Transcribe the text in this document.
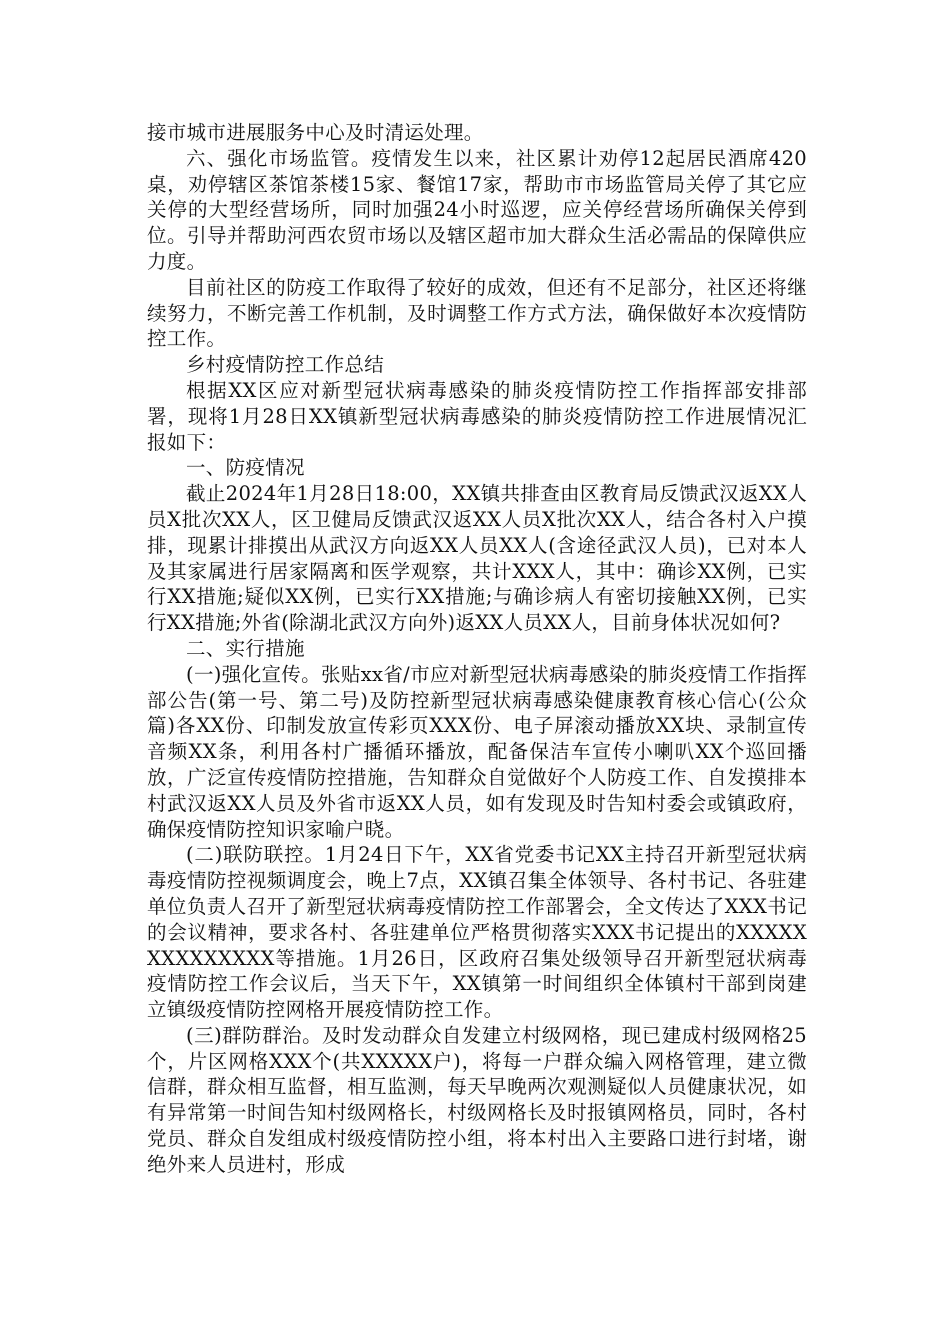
接市城市进展服务中心及时清运处理。

六、强化市场监管。疫情发生以来，社区累计劝停12起居民酒席420桌，劝停辖区茶馆茶楼15家、餐馆17家，帮助市市场监管局关停了其它应关停的大型经营场所，同时加强24小时巡逻，应关停经营场所确保关停到位。引导并帮助河西农贸市场以及辖区超市加大群众生活必需品的保障供应力度。

目前社区的防疫工作取得了较好的成效，但还有不足部分，社区还将继续努力，不断完善工作机制，及时调整工作方式方法，确保做好本次疫情防控工作。

乡村疫情防控工作总结

根据XX区应对新型冠状病毒感染的肺炎疫情防控工作指挥部安排部署，现将1月28日XX镇新型冠状病毒感染的肺炎疫情防控工作进展情况汇报如下：

一、防疫情况

截止2024年1月28日18:00，XX镇共排查由区教育局反馈武汉返XX人员X批次XX人，区卫健局反馈武汉返XX人员X批次XX人，结合各村入户摸排，现累计排摸出从武汉方向返XX人员XX人(含途径武汉人员)，已对本人及其家属进行居家隔离和医学观察，共计XXX人，其中：确诊XX例，已实行XX措施;疑似XX例，已实行XX措施;与确诊病人有密切接触XX例，已实行XX措施;外省(除湖北武汉方向外)返XX人员XX人，目前身体状况如何?

二、实行措施

(一)强化宣传。张贴xx省/市应对新型冠状病毒感染的肺炎疫情工作指挥部公告(第一号、第二号)及防控新型冠状病毒感染健康教育核心信心(公众篇)各XX份、印制发放宣传彩页XXX份、电子屏滚动播放XX块、录制宣传音频XX条，利用各村广播循环播放，配备保洁车宣传小喇叭XX个巡回播放，广泛宣传疫情防控措施，告知群众自觉做好个人防疫工作、自发摸排本村武汉返XX人员及外省市返XX人员，如有发现及时告知村委会或镇政府，确保疫情防控知识家喻户晓。

(二)联防联控。1月24日下午，XX省党委书记XX主持召开新型冠状病毒疫情防控视频调度会，晚上7点，XX镇召集全体领导、各村书记、各驻建单位负责人召开了新型冠状病毒疫情防控工作部署会，全文传达了XXX书记的会议精神，要求各村、各驻建单位严格贯彻落实XXX书记提出的XXXXXXXXXXXXXX等措施。1月26日，区政府召集处级领导召开新型冠状病毒疫情防控工作会议后，当天下午，XX镇第一时间组织全体镇村干部到岗建立镇级疫情防控网格开展疫情防控工作。

(三)群防群治。及时发动群众自发建立村级网格，现已建成村级网格25个，片区网格XXX个(共XXXXX户)，将每一户群众编入网格管理，建立微信群，群众相互监督，相互监测，每天早晚两次观测疑似人员健康状况，如有异常第一时间告知村级网格长，村级网格长及时报镇网格员，同时，各村党员、群众自发组成村级疫情防控小组，将本村出入主要路口进行封堵，谢绝外来人员进村，形成
